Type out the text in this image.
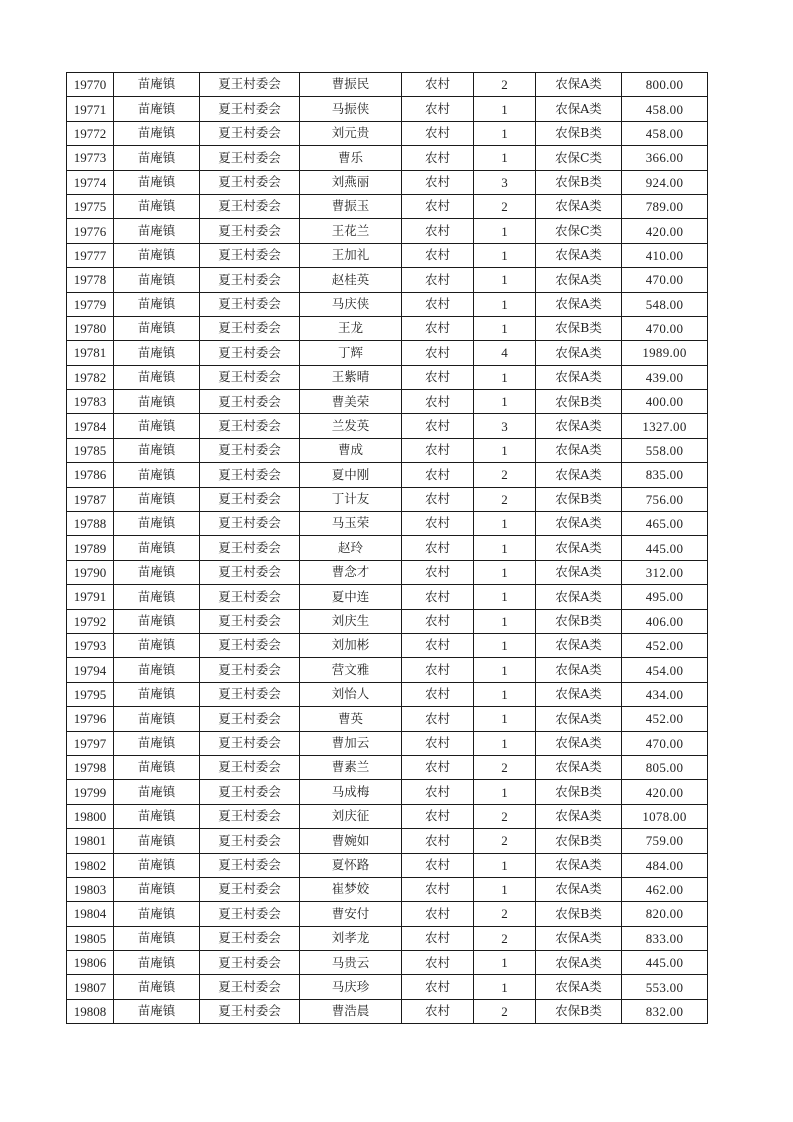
19770	苗庵镇	夏王村委会	曹振民	农村	2	农保A类	800.00
19771	苗庵镇	夏王村委会	马振侠	农村	1	农保A类	458.00
19772	苗庵镇	夏王村委会	刘元贵	农村	1	农保B类	458.00
19773	苗庵镇	夏王村委会	曹乐	农村	1	农保C类	366.00
19774	苗庵镇	夏王村委会	刘燕丽	农村	3	农保B类	924.00
19775	苗庵镇	夏王村委会	曹振玉	农村	2	农保A类	789.00
19776	苗庵镇	夏王村委会	王花兰	农村	1	农保C类	420.00
19777	苗庵镇	夏王村委会	王加礼	农村	1	农保A类	410.00
19778	苗庵镇	夏王村委会	赵桂英	农村	1	农保A类	470.00
19779	苗庵镇	夏王村委会	马庆侠	农村	1	农保A类	548.00
19780	苗庵镇	夏王村委会	王龙	农村	1	农保B类	470.00
19781	苗庵镇	夏王村委会	丁辉	农村	4	农保A类	1989.00
19782	苗庵镇	夏王村委会	王紫晴	农村	1	农保A类	439.00
19783	苗庵镇	夏王村委会	曹美荣	农村	1	农保B类	400.00
19784	苗庵镇	夏王村委会	兰发英	农村	3	农保A类	1327.00
19785	苗庵镇	夏王村委会	曹成	农村	1	农保A类	558.00
19786	苗庵镇	夏王村委会	夏中刚	农村	2	农保A类	835.00
19787	苗庵镇	夏王村委会	丁计友	农村	2	农保B类	756.00
19788	苗庵镇	夏王村委会	马玉荣	农村	1	农保A类	465.00
19789	苗庵镇	夏王村委会	赵玲	农村	1	农保A类	445.00
19790	苗庵镇	夏王村委会	曹念才	农村	1	农保A类	312.00
19791	苗庵镇	夏王村委会	夏中连	农村	1	农保A类	495.00
19792	苗庵镇	夏王村委会	刘庆生	农村	1	农保B类	406.00
19793	苗庵镇	夏王村委会	刘加彬	农村	1	农保A类	452.00
19794	苗庵镇	夏王村委会	营文雅	农村	1	农保A类	454.00
19795	苗庵镇	夏王村委会	刘怡人	农村	1	农保A类	434.00
19796	苗庵镇	夏王村委会	曹英	农村	1	农保A类	452.00
19797	苗庵镇	夏王村委会	曹加云	农村	1	农保A类	470.00
19798	苗庵镇	夏王村委会	曹素兰	农村	2	农保A类	805.00
19799	苗庵镇	夏王村委会	马成梅	农村	1	农保B类	420.00
19800	苗庵镇	夏王村委会	刘庆征	农村	2	农保A类	1078.00
19801	苗庵镇	夏王村委会	曹婉如	农村	2	农保B类	759.00
19802	苗庵镇	夏王村委会	夏怀路	农村	1	农保A类	484.00
19803	苗庵镇	夏王村委会	崔梦姣	农村	1	农保A类	462.00
19804	苗庵镇	夏王村委会	曹安付	农村	2	农保B类	820.00
19805	苗庵镇	夏王村委会	刘孝龙	农村	2	农保A类	833.00
19806	苗庵镇	夏王村委会	马贵云	农村	1	农保A类	445.00
19807	苗庵镇	夏王村委会	马庆珍	农村	1	农保A类	553.00
19808	苗庵镇	夏王村委会	曹浩晨	农村	2	农保B类	832.00
